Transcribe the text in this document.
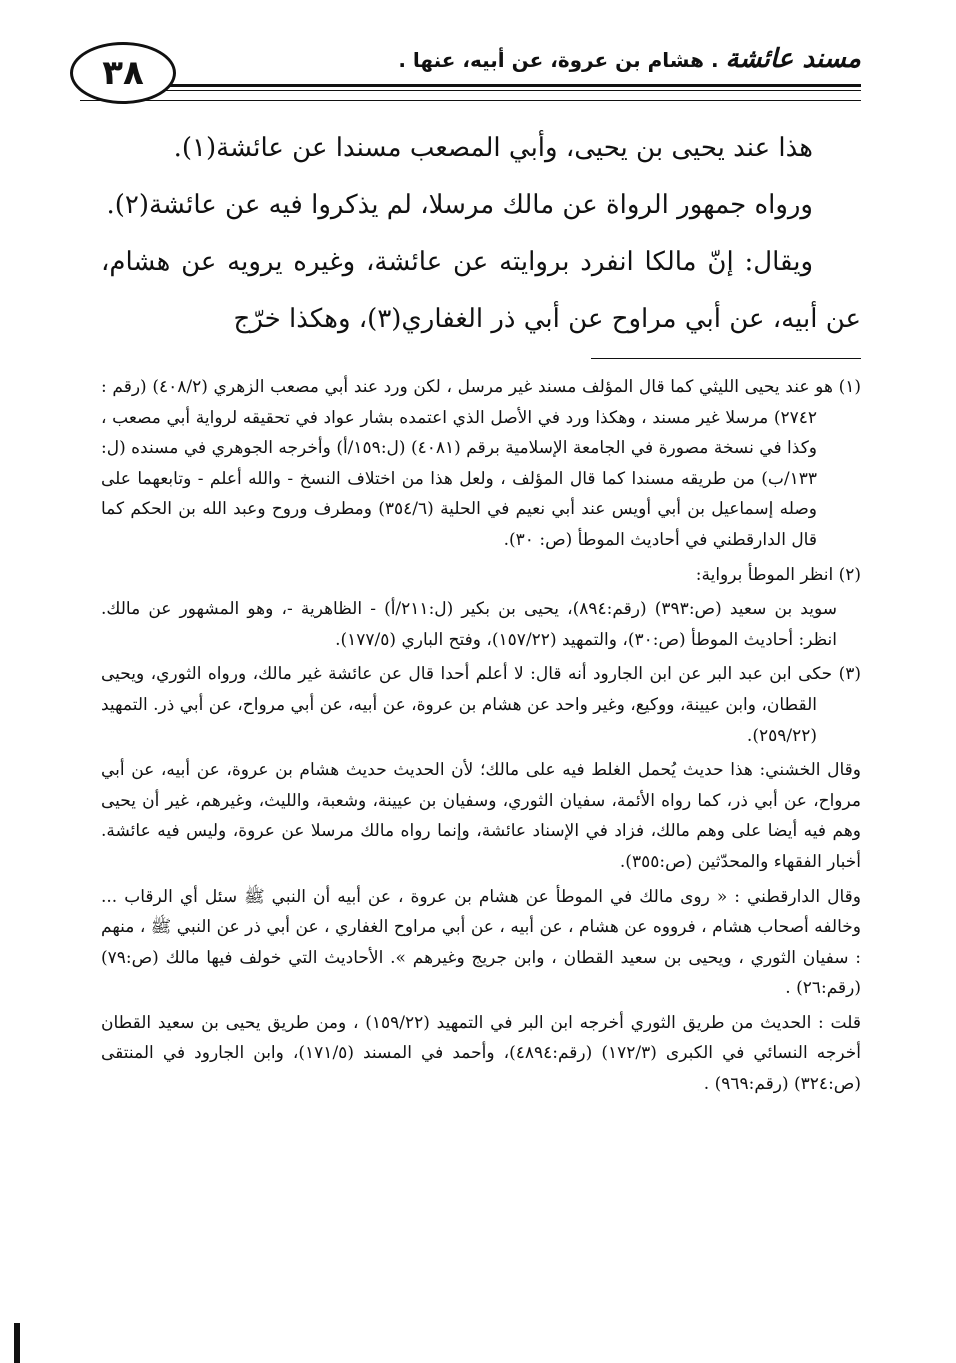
٣٨	مسند عائشة . هشام بن عروة، عن أبيه، عنها .

هذا عند يحيى بن يحيى، وأبي المصعب مسندا عن عائشة(١).

ورواه جمهور الرواة عن مالك مرسلا، لم يذكروا فيه عن عائشة(٢).

ويقال: إنّ مالكا انفرد بروايته عن عائشة، وغيره يرويه عن هشام، عن أبيه، عن أبي مراوح عن أبي ذر الغفاري(٣)، وهكذا خرّج

(١) هو عند يحيى الليثي كما قال المؤلف مسند غير مرسل ، لكن ورد عند أبي مصعب الزهري (٤٠٨/٢) (رقم : ٢٧٤٢) مرسلا غير مسند ، وهكذا ورد في الأصل الذي اعتمده بشار عواد في تحقيقه لرواية أبي مصعب ، وكذا في نسخة مصورة في الجامعة الإسلامية برقم (٤٠٨١) (ل:١٥٩/أ) وأخرجه الجوهري في مسنده (ل: ١٣٣/ب) من طريقه مسندا كما قال المؤلف ، ولعل هذا من اختلاف النسخ - والله أعلم - وتابعهما على وصله إسماعيل بن أبي أويس عند أبي نعيم في الحلية (٣٥٤/٦) ومطرف وروح وعبد الله بن الحكم كما قال الدارقطني في أحاديث الموطأ (ص: ٣٠).

(٢) انظر الموطأ برواية:

سويد بن سعيد (ص:٣٩٣) (رقم:٨٩٤)، يحيى بن بكير (ل:٢١١/أ) - الظاهرية -، وهو المشهور عن مالك. انظر: أحاديث الموطأ (ص:٣٠)، والتمهيد (١٥٧/٢٢)، وفتح الباري (١٧٧/٥).

(٣) حكى ابن عبد البر عن ابن الجارود أنه قال: لا أعلم أحدا قال عن عائشة غير مالك، ورواه الثوري، ويحيى القطان، وابن عيينة، ووكيع، وغير واحد عن هشام بن عروة، عن أبيه، عن أبي مرواح، عن أبي ذر. التمهيد (٢٥٩/٢٢).

وقال الخشني: هذا حديث يُحمل الغلط فيه على مالك؛ لأن الحديث حديث هشام بن عروة، عن أبيه، عن أبي مرواح، عن أبي ذر، كما رواه الأئمة، سفيان الثوري، وسفيان بن عيينة، وشعبة، والليث، وغيرهم، غير أن يحيى وهم فيه أيضا على وهم مالك، فزاد في الإسناد عائشة، وإنما رواه مالك مرسلا عن عروة، وليس فيه عائشة. أخبار الفقهاء والمحدّثين (ص:٣٥٥).

وقال الدارقطني : « روى مالك في الموطأ عن هشام بن عروة ، عن أبيه أن النبي ﷺ سئل أي الرقاب ... وخالفه أصحاب هشام ، فرووه عن هشام ، عن أبيه ، عن أبي مراوح الغفاري ، عن أبي ذر عن النبي ﷺ ، منهم : سفيان الثوري ، ويحيى بن سعيد القطان ، وابن جريج وغيرهم ». الأحاديث التي خولف فيها مالك (ص:٧٩) (رقم:٢٦) .

قلت : الحديث من طريق الثوري أخرجه ابن البر في التمهيد (١٥٩/٢٢) ، ومن طريق يحيى بن سعيد القطان أخرجه النسائي في الكبرى (١٧٢/٣) (رقم:٤٨٩٤)، وأحمد في المسند (١٧١/٥)، وابن الجارود في المنتقى (ص:٣٢٤) (رقم:٩٦٩) .
